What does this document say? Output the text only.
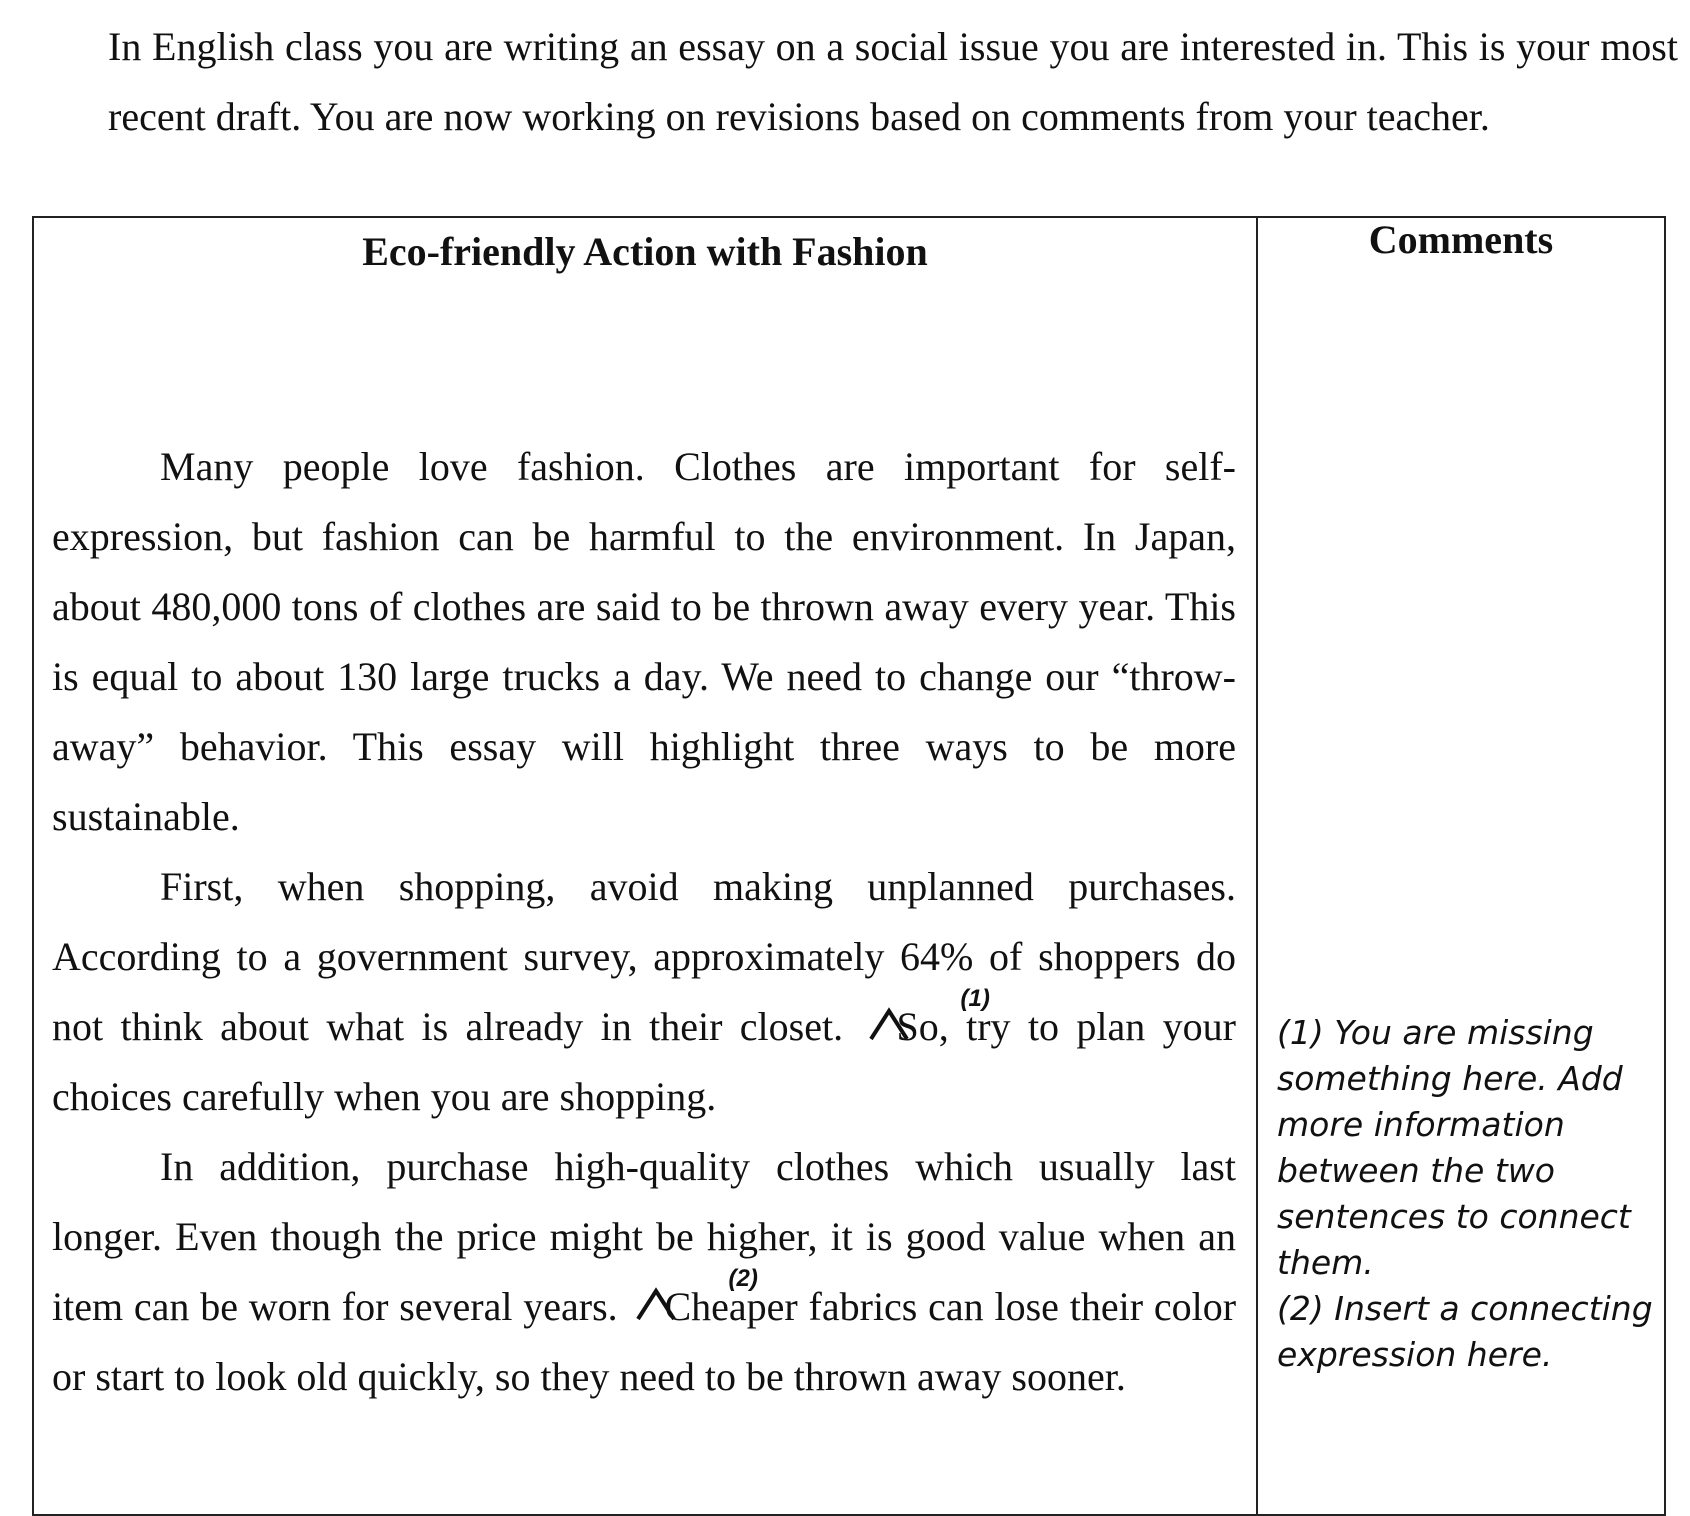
In English class you are writing an essay on a social issue you are interested in. This is your most recent draft. You are now working on revisions based on comments from your teacher.

Eco-friendly Action with Fashion	Comments

Many people love fashion. Clothes are important for self-expression, but fashion can be harmful to the environment. In Japan, about 480,000 tons of clothes are said to be thrown away every year. This is equal to about 130 large trucks a day. We need to change our “throw-away” behavior. This essay will highlight three ways to be more sustainable.

First, when shopping, avoid making unplanned purchases. According to a government survey, approximately 64% of shoppers do not think about what is already in their closet.
(1)
So, try to plan your choices carefully when you are shopping.

In addition, purchase high-quality clothes which usually last longer. Even though the price might be higher, it is good value when an item can be worn for several years.
(2)
Cheaper fabrics can lose their color or start to look old quickly, so they need to be thrown away sooner.

(1) You are missing something here. Add more information between the two sentences to connect them.

(2) Insert a connecting expression here.
